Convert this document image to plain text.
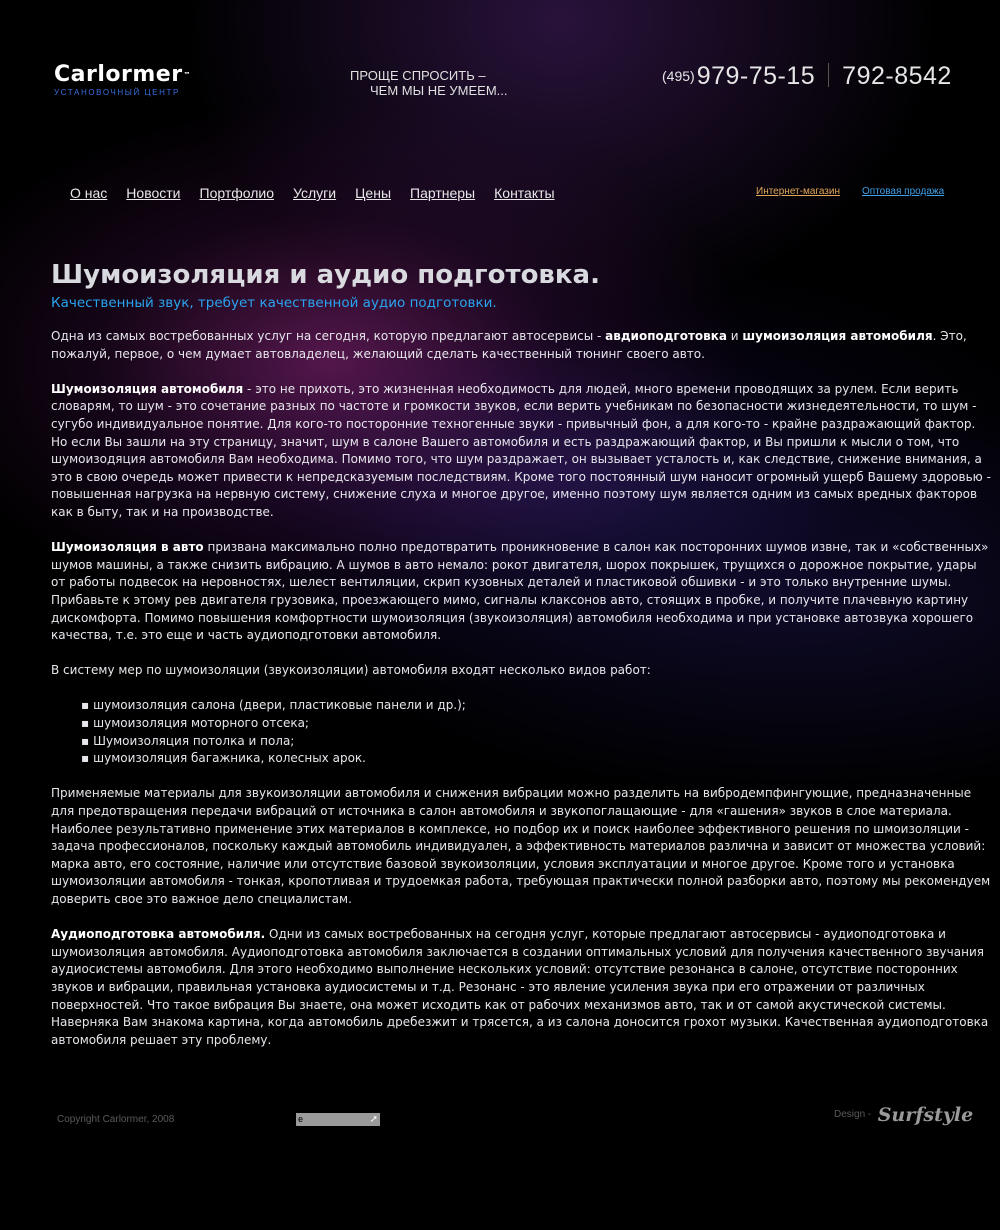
Carlormer™
УСТАНОВОЧНЫЙ ЦЕНТР
ПРОЩЕ СПРОСИТЬ –
ЧЕМ МЫ НЕ УМЕЕМ...
(495)979-75-15 792-8542
О нас Новости Портфолио Услуги Цены Партнеры Контакты	Интернет-магазин Оптовая продажа
Шумоизоляция и аудио подготовка.
Качественный звук, требует качественной аудио подготовки.

Одна из самых востребованных услуг на сегодня, которую предлагают автосервисы - авдиоподготовка и шумоизоляция автомобиля. Это, пожалуй, первое, о чем думает автовладелец, желающий сделать качественный тюнинг своего авто.

Шумоизоляция автомобиля - это не прихоть, это жизненная необходимость для людей, много времени проводящих за рулем. Если верить словарям, то шум - это сочетание разных по частоте и громкости звуков, если верить учебникам по безопасности жизнедеятельности, то шум - сугубо индивидуальное понятие. Для кого-то посторонние техногенные звуки - привычный фон, а для кого-то - крайне раздражающий фактор. Но если Вы зашли на эту страницу, значит, шум в салоне Вашего автомобиля и есть раздражающий фактор, и Вы пришли к мысли о том, что шумоизодяция автомобиля Вам необходима. Помимо того, что шум раздражает, он вызывает усталость и, как следствие, снижение внимания, а это в свою очередь может привести к непредсказуемым последствиям. Кроме того постоянный шум наносит огромный ущерб Вашему здоровью - повышенная нагрузка на нервную систему, снижение слуха и многое другое, именно поэтому шум является одним из самых вредных факторов как в быту, так и на производстве.

Шумоизоляция в авто призвана максимально полно предотвратить проникновение в салон как посторонних шумов извне, так и «собственных» шумов машины, а также снизить вибрацию. А шумов в авто немало: рокот двигателя, шорох покрышек, трущихся о дорожное покрытие, удары от работы подвесок на неровностях, шелест вентиляции, скрип кузовных деталей и пластиковой обшивки - и это только внутренние шумы. Прибавьте к этому рев двигателя грузовика, проезжающего мимо, сигналы клаксонов авто, стоящих в пробке, и получите плачевную картину дискомфорта. Помимо повышения комфортности шумоизоляция (звукоизоляция) автомобиля необходима и при установке автозвука хорошего качества, т.е. это еще и часть аудиоподготовки автомобиля.

В систему мер по шумоизоляции (звукоизоляции) автомобиля входят несколько видов работ:

▪ шумоизоляция салона (двери, пластиковые панели и др.);
▪ шумоизоляция моторного отсека;
▪ Шумоизоляция потолка и пола;
▪ шумоизоляция багажника, колесных арок.

Применяемые материалы для звукоизоляции автомобиля и снижения вибрации можно разделить на вибродемпфингующие, предназначенные для предотвращения передачи вибраций от источника в салон автомобиля и звукопоглащающие - для «гашения» звуков в слое материала. Наиболее результативно применение этих материалов в комплексе, но подбор их и поиск наиболее эффективного решения по шмоизоляции - задача профессионалов, поскольку каждый автомобиль индивидуален, а эффективность материалов различна и зависит от множества условий: марка авто, его состояние, наличие или отсутствие базовой звукоизоляции, условия эксплуатации и многое другое. Кроме того и установка шумоизоляции автомобиля - тонкая, кропотливая и трудоемкая работа, требующая практически полной разборки авто, поэтому мы рекомендуем доверить свое это важное дело специалистам.

Аудиоподготовка автомобиля. Одни из самых востребованных на сегодня услуг, которые предлагают автосервисы - аудиоподготовка и шумоизоляция автомобиля. Аудиоподготовка автомобиля заключается в создании оптимальных условий для получения качественного звучания аудиосистемы автомобиля. Для этого необходимо выполнение нескольких условий: отсутствие резонанса в салоне, отсутствие посторонних звуков и вибрации, правильная установка аудиосистемы и т.д. Резонанс - это явление усиления звука при его отражении от различных поверхностей. Что такое вибрация Вы знаете, она может исходить как от рабочих механизмов авто, так и от самой акустической системы. Наверняка Вам знакома картина, когда автомобиль дребезжит и трясется, а из салона доносится грохот музыки. Качественная аудиоподготовка автомобиля решает эту проблему.

Copyright Carlormer, 2008	e	➚	$^{Design -}$ Surfstyle
